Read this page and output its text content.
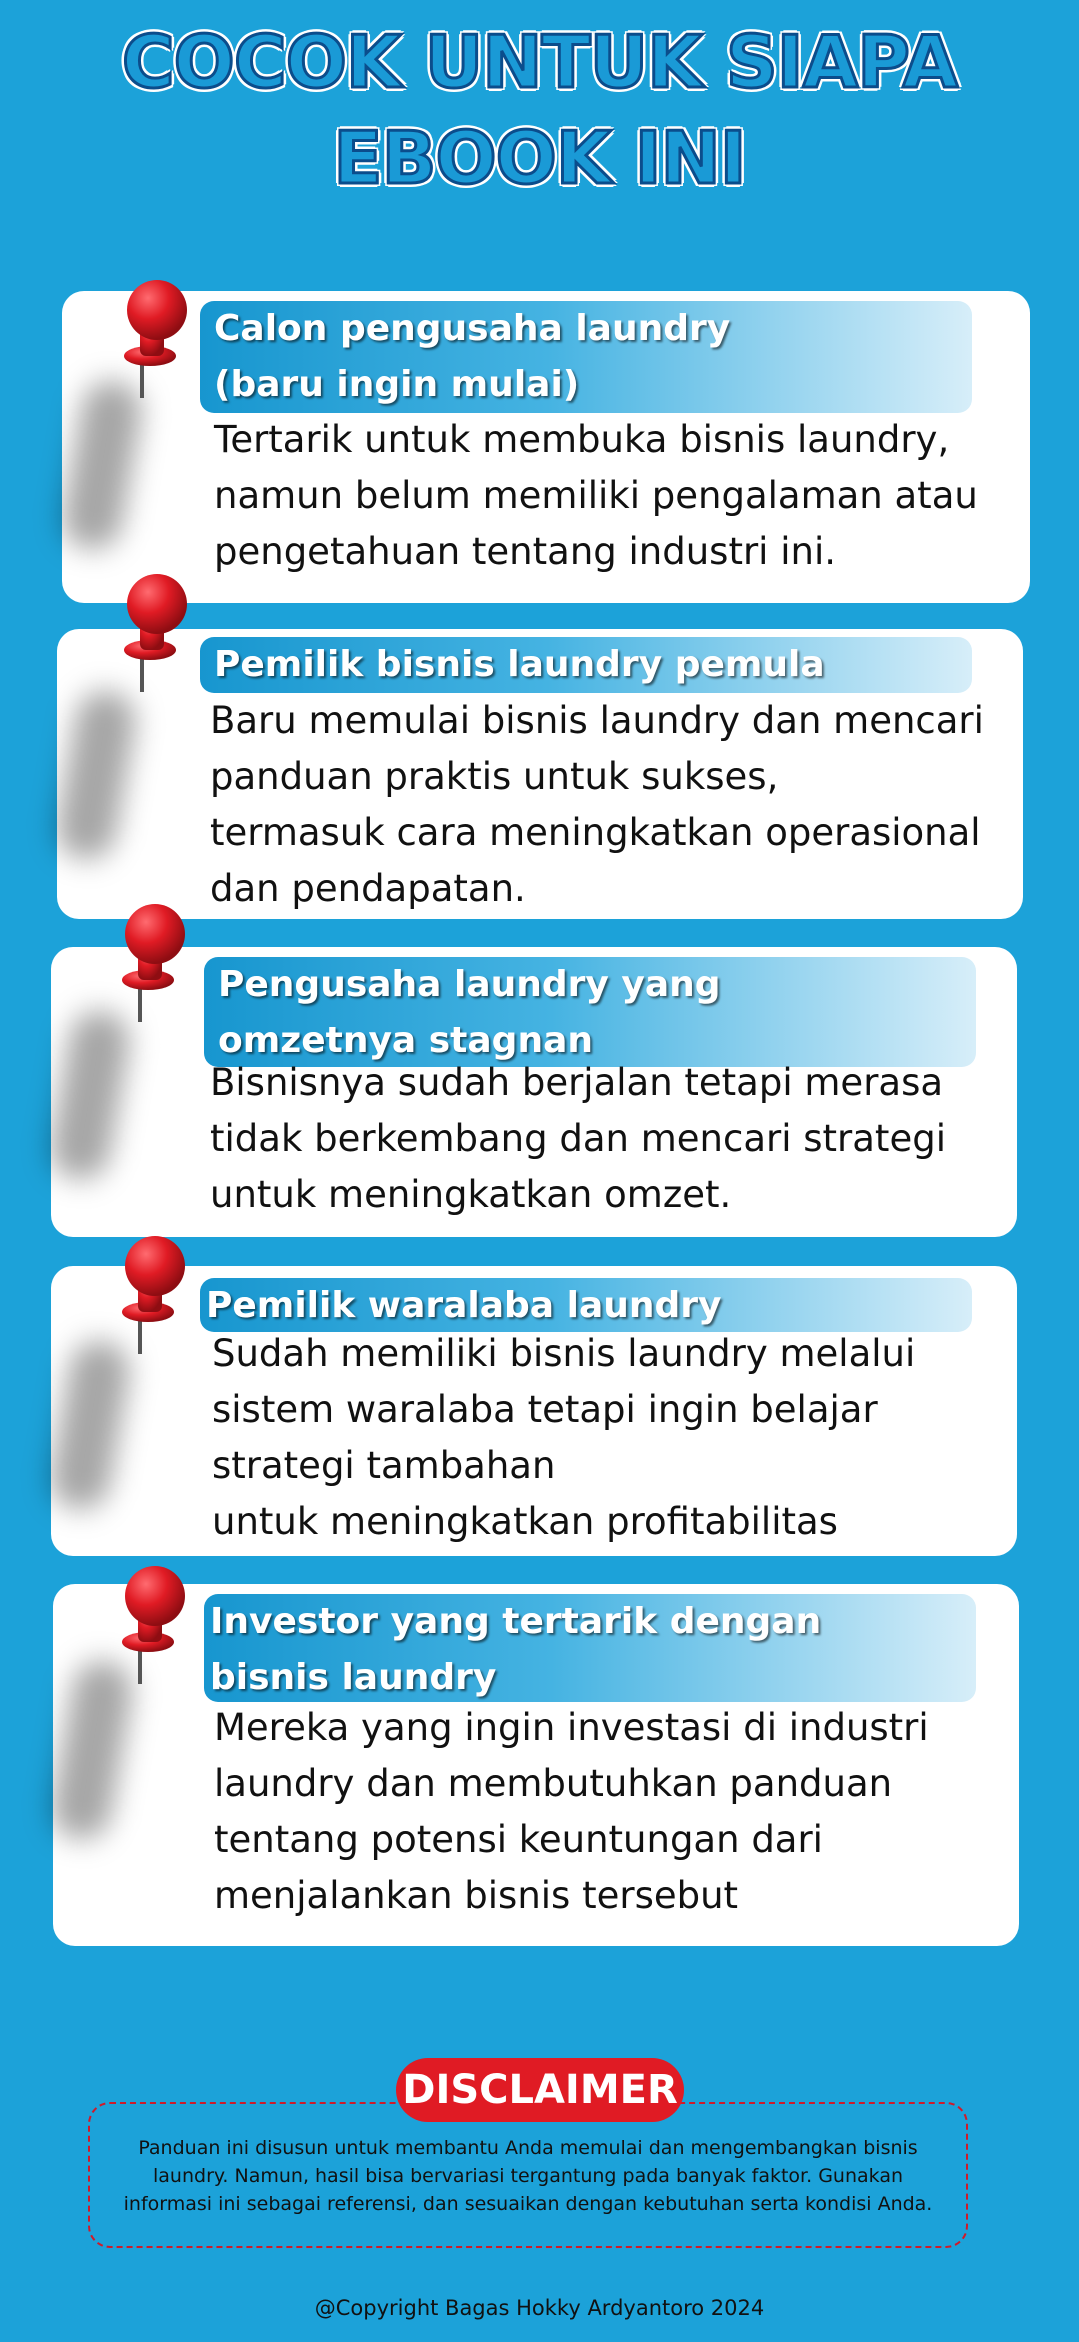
COCOK UNTUK SIAPA
EBOOK INI
Calon pengusaha laundry
(baru ingin mulai)
Tertarik untuk membuka bisnis laundry,
namun belum memiliki pengalaman atau
pengetahuan tentang industri ini.
Pemilik bisnis laundry pemula
Baru memulai bisnis laundry dan mencari
panduan praktis untuk sukses,
termasuk cara meningkatkan operasional
dan pendapatan.
Pengusaha laundry yang
omzetnya stagnan
Bisnisnya sudah berjalan tetapi merasa
tidak berkembang dan mencari strategi
untuk meningkatkan omzet.
Pemilik waralaba laundry
Sudah memiliki bisnis laundry melalui
sistem waralaba tetapi ingin belajar
strategi tambahan
untuk meningkatkan profitabilitas
Investor yang tertarik dengan
bisnis laundry
Mereka yang ingin investasi di industri
laundry dan membutuhkan panduan
tentang potensi keuntungan dari
menjalankan bisnis tersebut
DISCLAIMER
Panduan ini disusun untuk membantu Anda memulai dan mengembangkan bisnis laundry. Namun, hasil bisa bervariasi tergantung pada banyak faktor. Gunakan informasi ini sebagai referensi, dan sesuaikan dengan kebutuhan serta kondisi Anda.
@Copyright Bagas Hokky Ardyantoro 2024
